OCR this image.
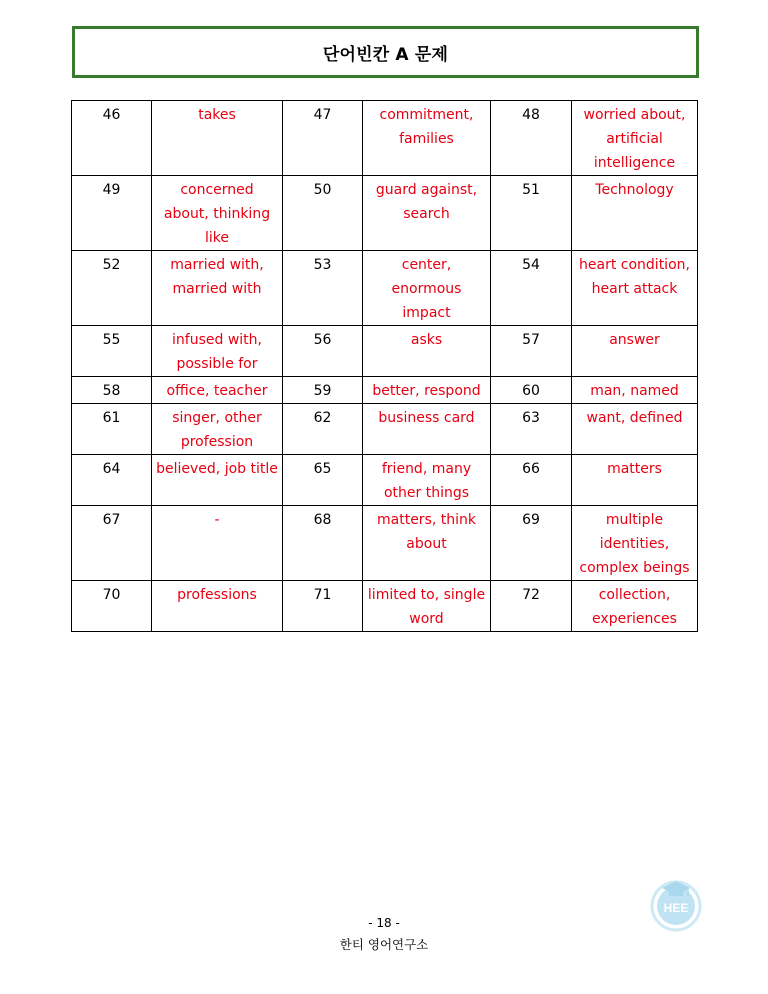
단어빈칸 A 문제
46	takes	47	commitment, families	48	worried about, artificial intelligence
49	concerned about, thinking like	50	guard against, search	51	Technology
52	married with, married with	53	center, enormous impact	54	heart condition, heart attack
55	infused with, possible for	56	asks	57	answer
58	office, teacher	59	better, respond	60	man, named
61	singer, other profession	62	business card	63	want, defined
64	believed, job title	65	friend, many other things	66	matters
67	-	68	matters, think about	69	multiple identities, complex beings
70	professions	71	limited to, single word	72	collection, experiences
HEE
- 18 -
한티 영어연구소
